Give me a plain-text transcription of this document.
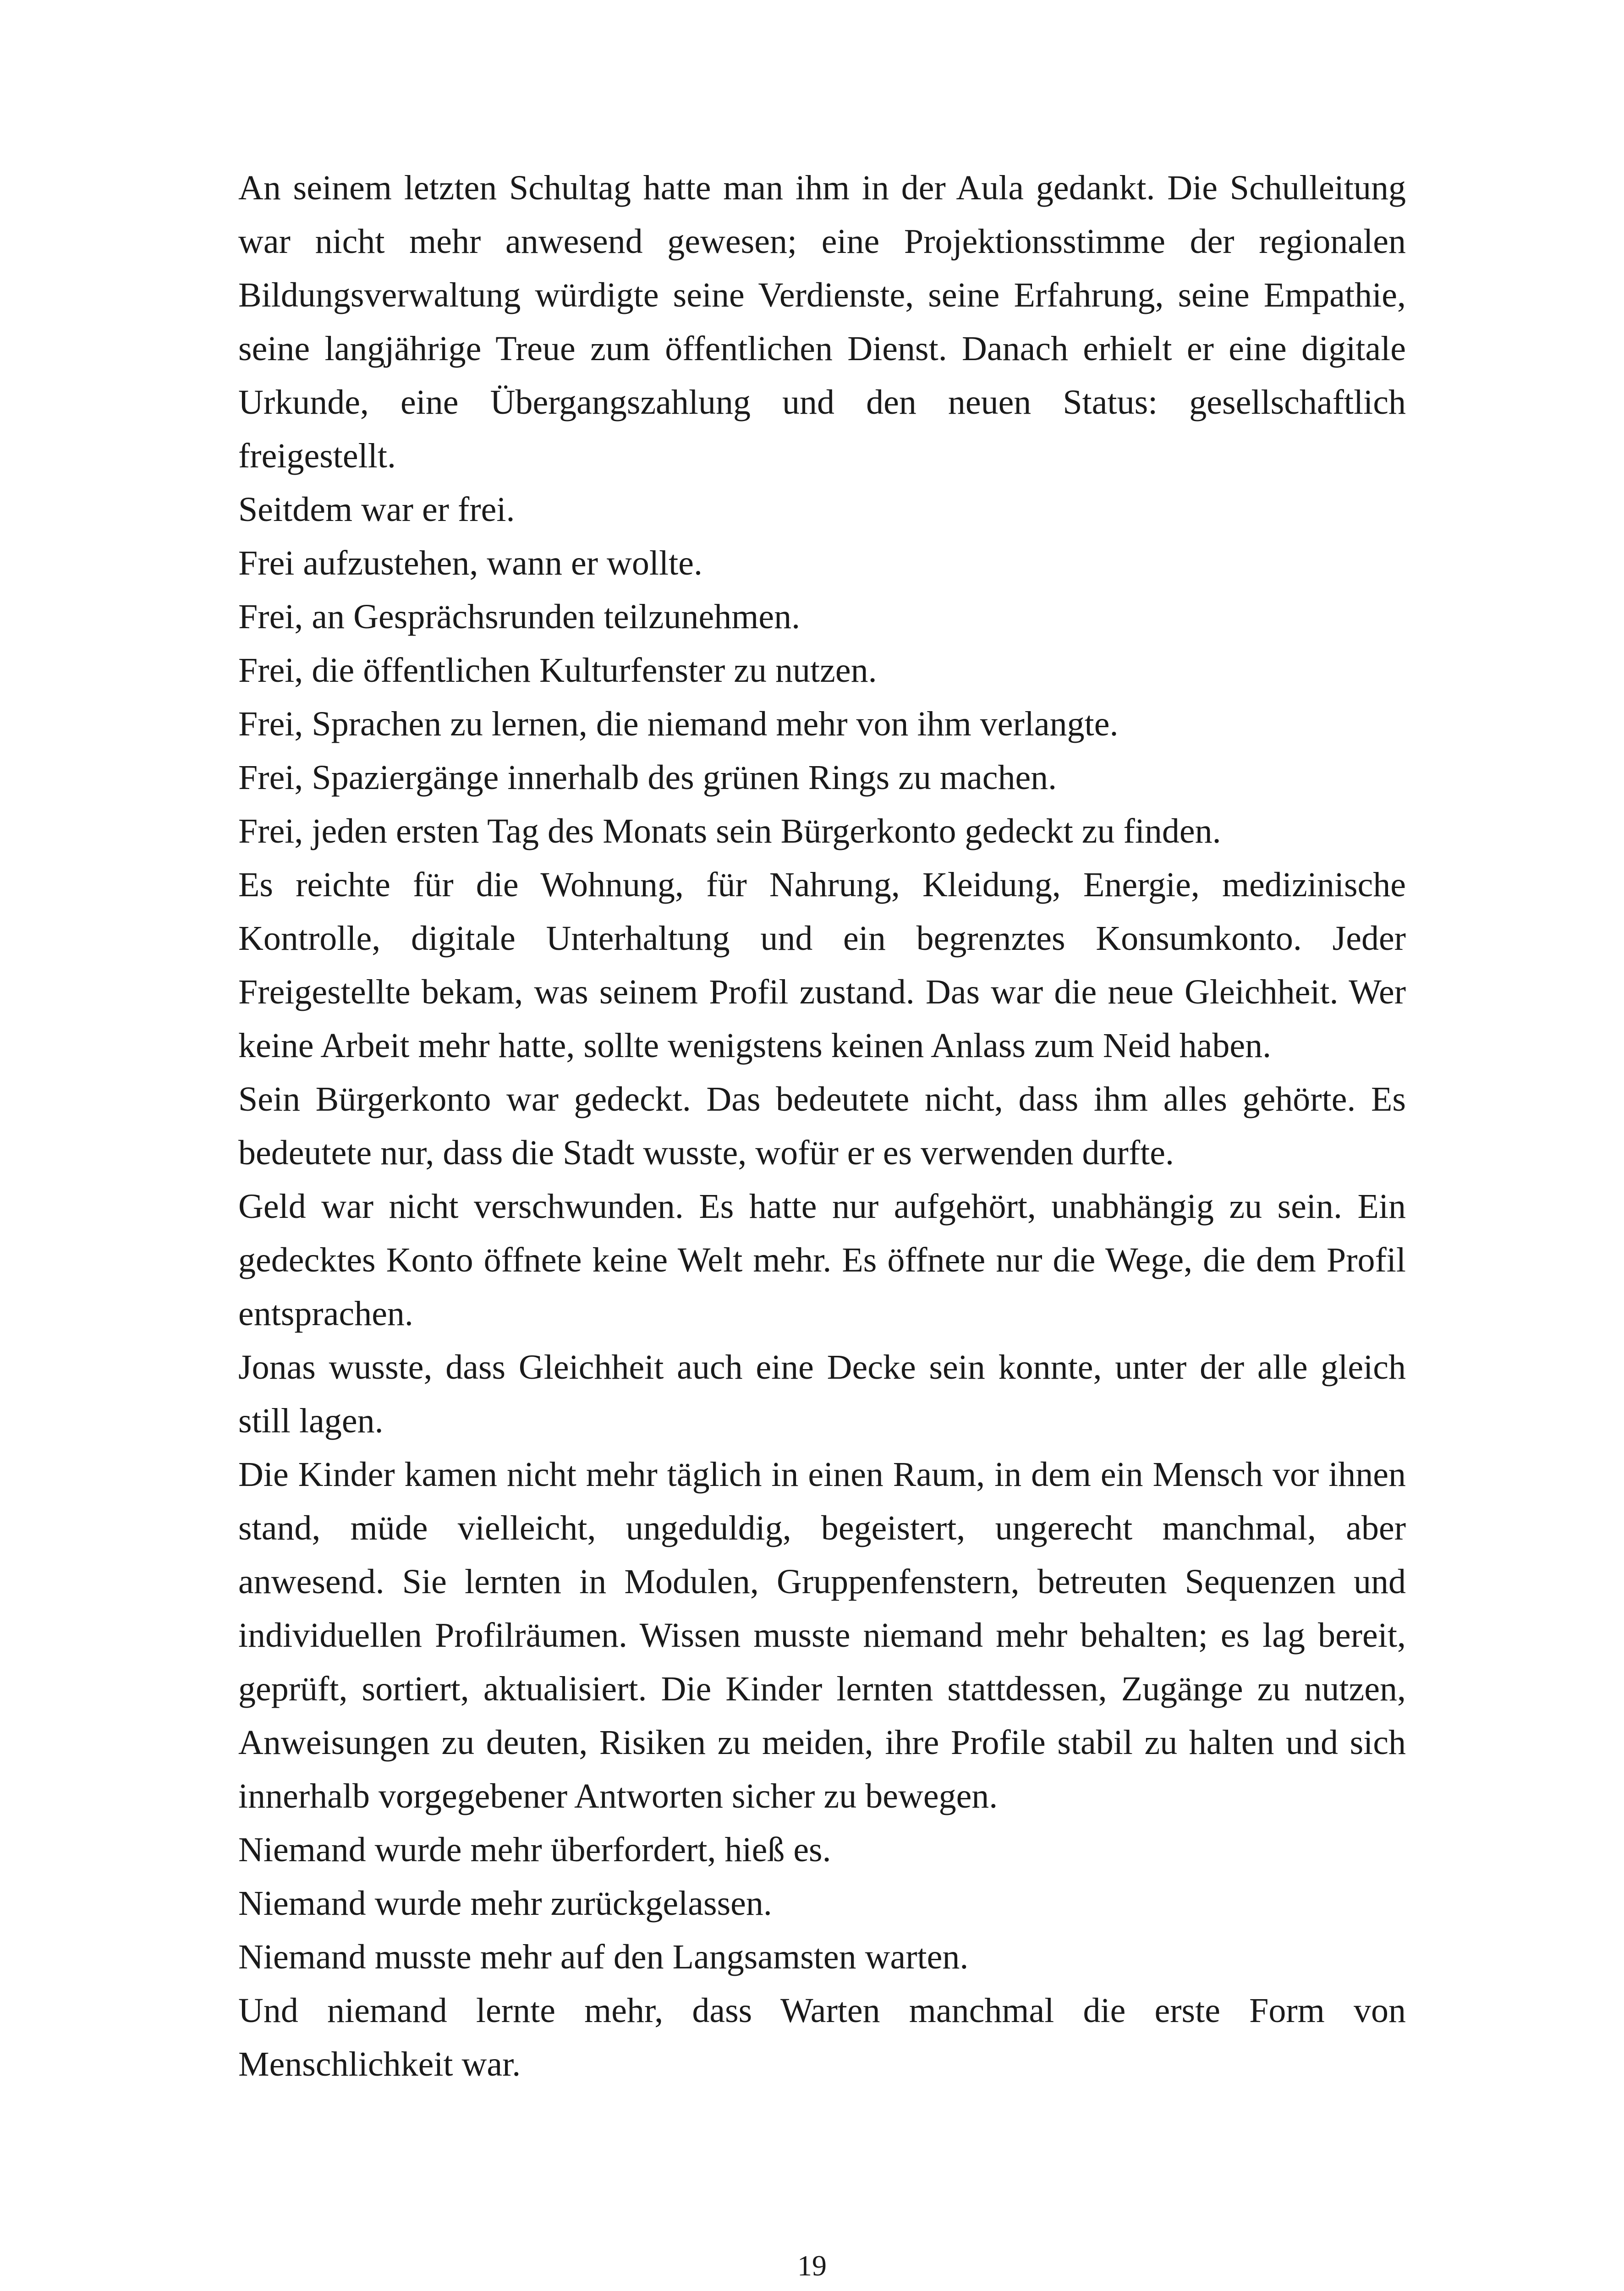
An seinem letzten Schultag hatte man ihm in der Aula gedankt. Die Schulleitung war nicht mehr anwesend gewesen; eine Projektionsstimme der regionalen Bildungsverwaltung würdigte seine Verdienste, seine Erfahrung, seine Empathie, seine langjährige Treue zum öffentlichen Dienst. Danach erhielt er eine digitale Urkunde, eine Übergangszahlung und den neuen Status: gesellschaftlich freigestellt.

Seitdem war er frei.

Frei aufzustehen, wann er wollte.

Frei, an Gesprächsrunden teilzunehmen.

Frei, die öffentlichen Kulturfenster zu nutzen.

Frei, Sprachen zu lernen, die niemand mehr von ihm verlangte.

Frei, Spaziergänge innerhalb des grünen Rings zu machen.

Frei, jeden ersten Tag des Monats sein Bürgerkonto gedeckt zu finden.

Es reichte für die Wohnung, für Nahrung, Kleidung, Energie, medizinische Kontrolle, digitale Unterhaltung und ein begrenztes Konsumkonto. Jeder Freigestellte bekam, was seinem Profil zustand. Das war die neue Gleichheit. Wer keine Arbeit mehr hatte, sollte wenigstens keinen Anlass zum Neid haben.

Sein Bürgerkonto war gedeckt. Das bedeutete nicht, dass ihm alles gehörte. Es bedeutete nur, dass die Stadt wusste, wofür er es verwenden durfte.

Geld war nicht verschwunden. Es hatte nur aufgehört, unabhängig zu sein. Ein gedecktes Konto öffnete keine Welt mehr. Es öffnete nur die Wege, die dem Profil entsprachen.

Jonas wusste, dass Gleichheit auch eine Decke sein konnte, unter der alle gleich still lagen.

Die Kinder kamen nicht mehr täglich in einen Raum, in dem ein Mensch vor ihnen stand, müde vielleicht, ungeduldig, begeistert, ungerecht manchmal, aber anwesend. Sie lernten in Modulen, Gruppenfenstern, betreuten Sequenzen und individuellen Profilräumen. Wissen musste niemand mehr behalten; es lag bereit, geprüft, sortiert, aktualisiert. Die Kinder lernten stattdessen, Zugänge zu nutzen, Anweisungen zu deuten, Risiken zu meiden, ihre Profile stabil zu halten und sich innerhalb vorgegebener Antworten sicher zu bewegen.

Niemand wurde mehr überfordert, hieß es.

Niemand wurde mehr zurückgelassen.

Niemand musste mehr auf den Langsamsten warten.

Und niemand lernte mehr, dass Warten manchmal die erste Form von Menschlichkeit war.

19
